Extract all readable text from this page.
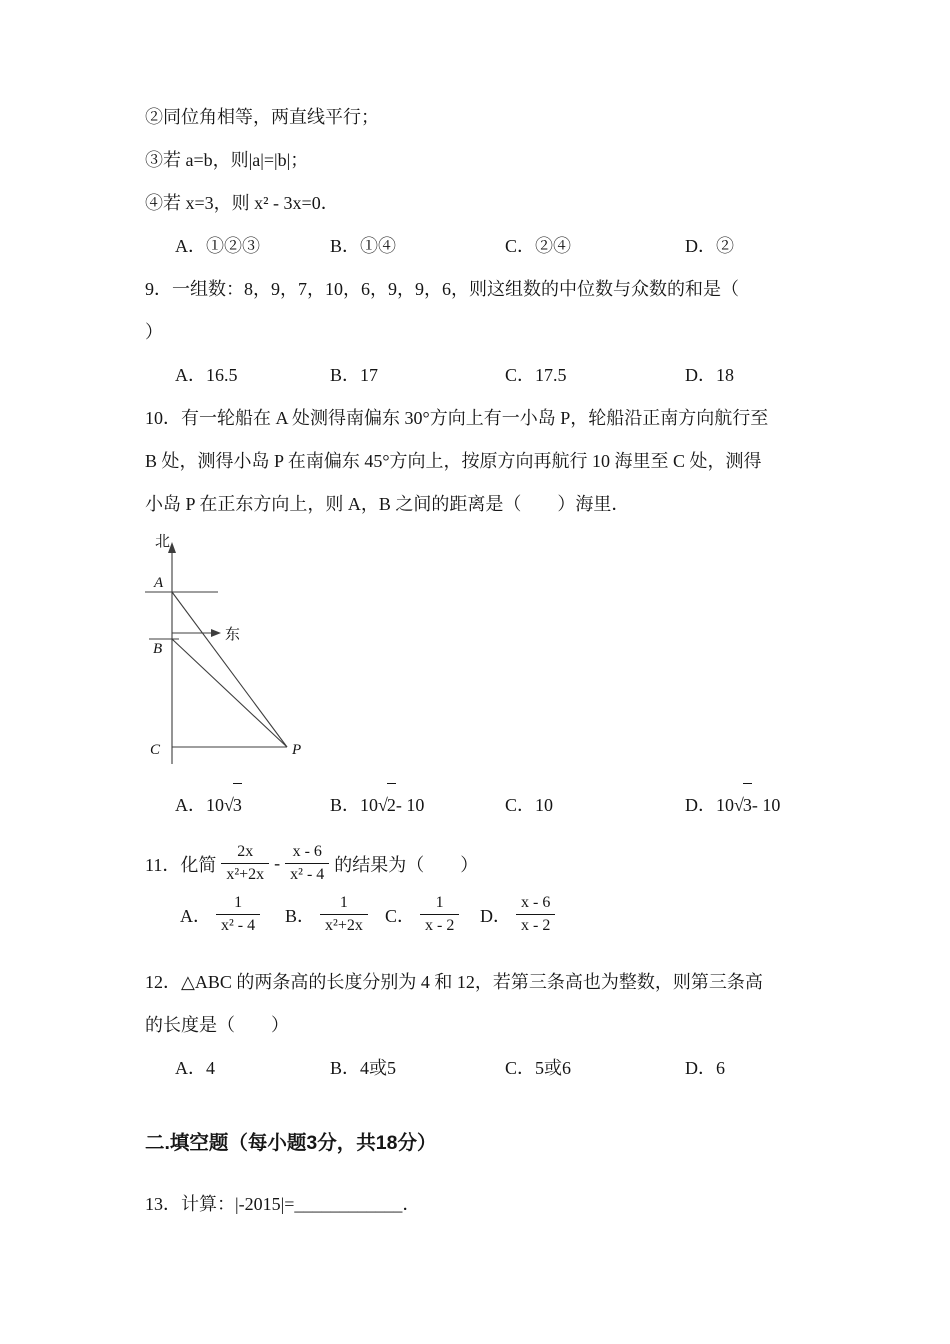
②同位角相等，两直线平行；
③若 a=b，则|a|=|b|；
④若 x=3，则 x² - 3x=0．
A．①②③	B．①④	C．②④	D．②
9．一组数：8，9，7，10，6，9，9，6，则这组数的中位数与众数的和是（
）
A．16.5	B．17	C．17.5	D．18
10．有一轮船在 A 处测得南偏东 30°方向上有一小岛 P，轮船沿正南方向航行至
B 处，测得小岛 P 在南偏东 45°方向上，按原方向再航行 10 海里至 C 处，测得
小岛 P 在正东方向上，则 A，B 之间的距离是（　　）海里．
北
A
东
B
C	P
A．10 √ 3	B．10 √ 2 - 10	C．10	D．10 √ 3 - 10
11．化简 $\frac{2x}{\text{x²+2x}} - \frac{x - 6}{\text{x² - 4}}$ 的结果为（　　）
A． $\frac{1}{\text{x² - 4}}$ B． $\frac{1}{\text{x²+2x}}$ C． $\frac{1}{x - 2}$ D． $\frac{x - 6}{x - 2}$
12．△ABC 的两条高的长度分别为 4 和 12，若第三条高也为整数，则第三条高
的长度是（　　）
A．4	B．4或5	C．5或6	D．6
二.填空题（每小题3分，共18分）
13．计算：|-2015|=____________．
